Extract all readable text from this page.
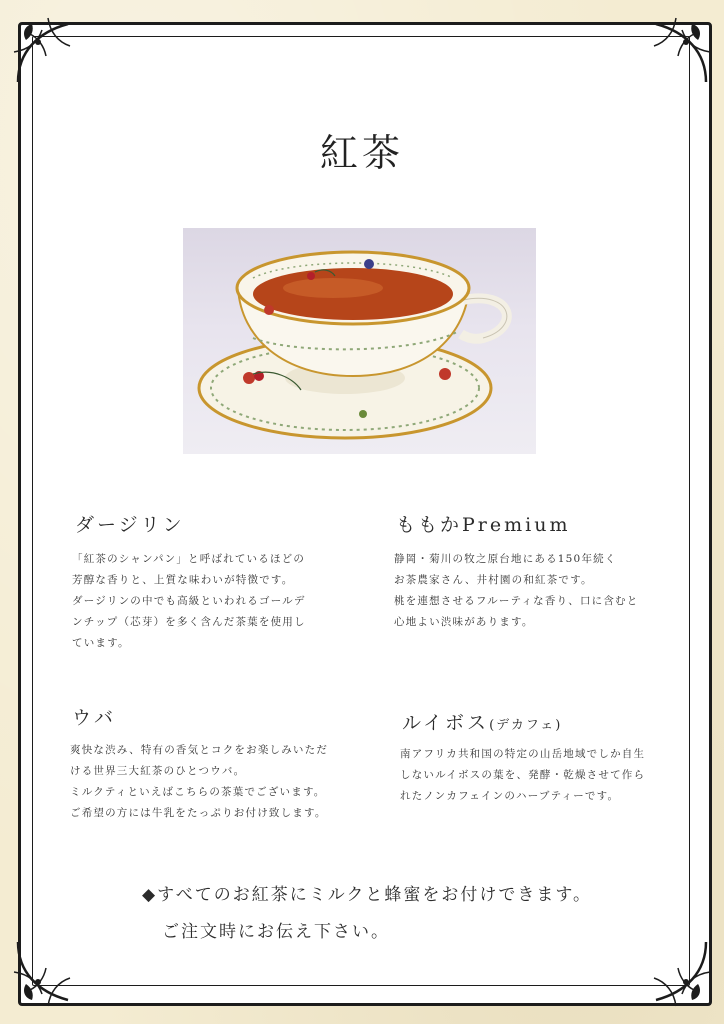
紅茶
ダージリン
「紅茶のシャンパン」と呼ばれているほどの
芳醇な香りと、上質な味わいが特徴です。
ダージリンの中でも高級といわれるゴールデ
ンチップ（芯芽）を多く含んだ茶葉を使用し
ています。
ももかPremium
静岡・菊川の牧之原台地にある150年続く
お茶農家さん、井村園の和紅茶です。
桃を連想させるフルーティな香り、口に含むと
心地よい渋味があります。
ウバ
爽快な渋み、特有の香気とコクをお楽しみいただ
ける世界三大紅茶のひとつウバ。
ミルクティといえばこちらの茶葉でございます。
ご希望の方には牛乳をたっぷりお付け致します。
ルイボス(デカフェ)
南アフリカ共和国の特定の山岳地域でしか自生
しないルイボスの葉を、発酵・乾燥させて作ら
れたノンカフェインのハーブティーです。
◆すべてのお紅茶にミルクと蜂蜜をお付けできます。
ご注文時にお伝え下さい。
